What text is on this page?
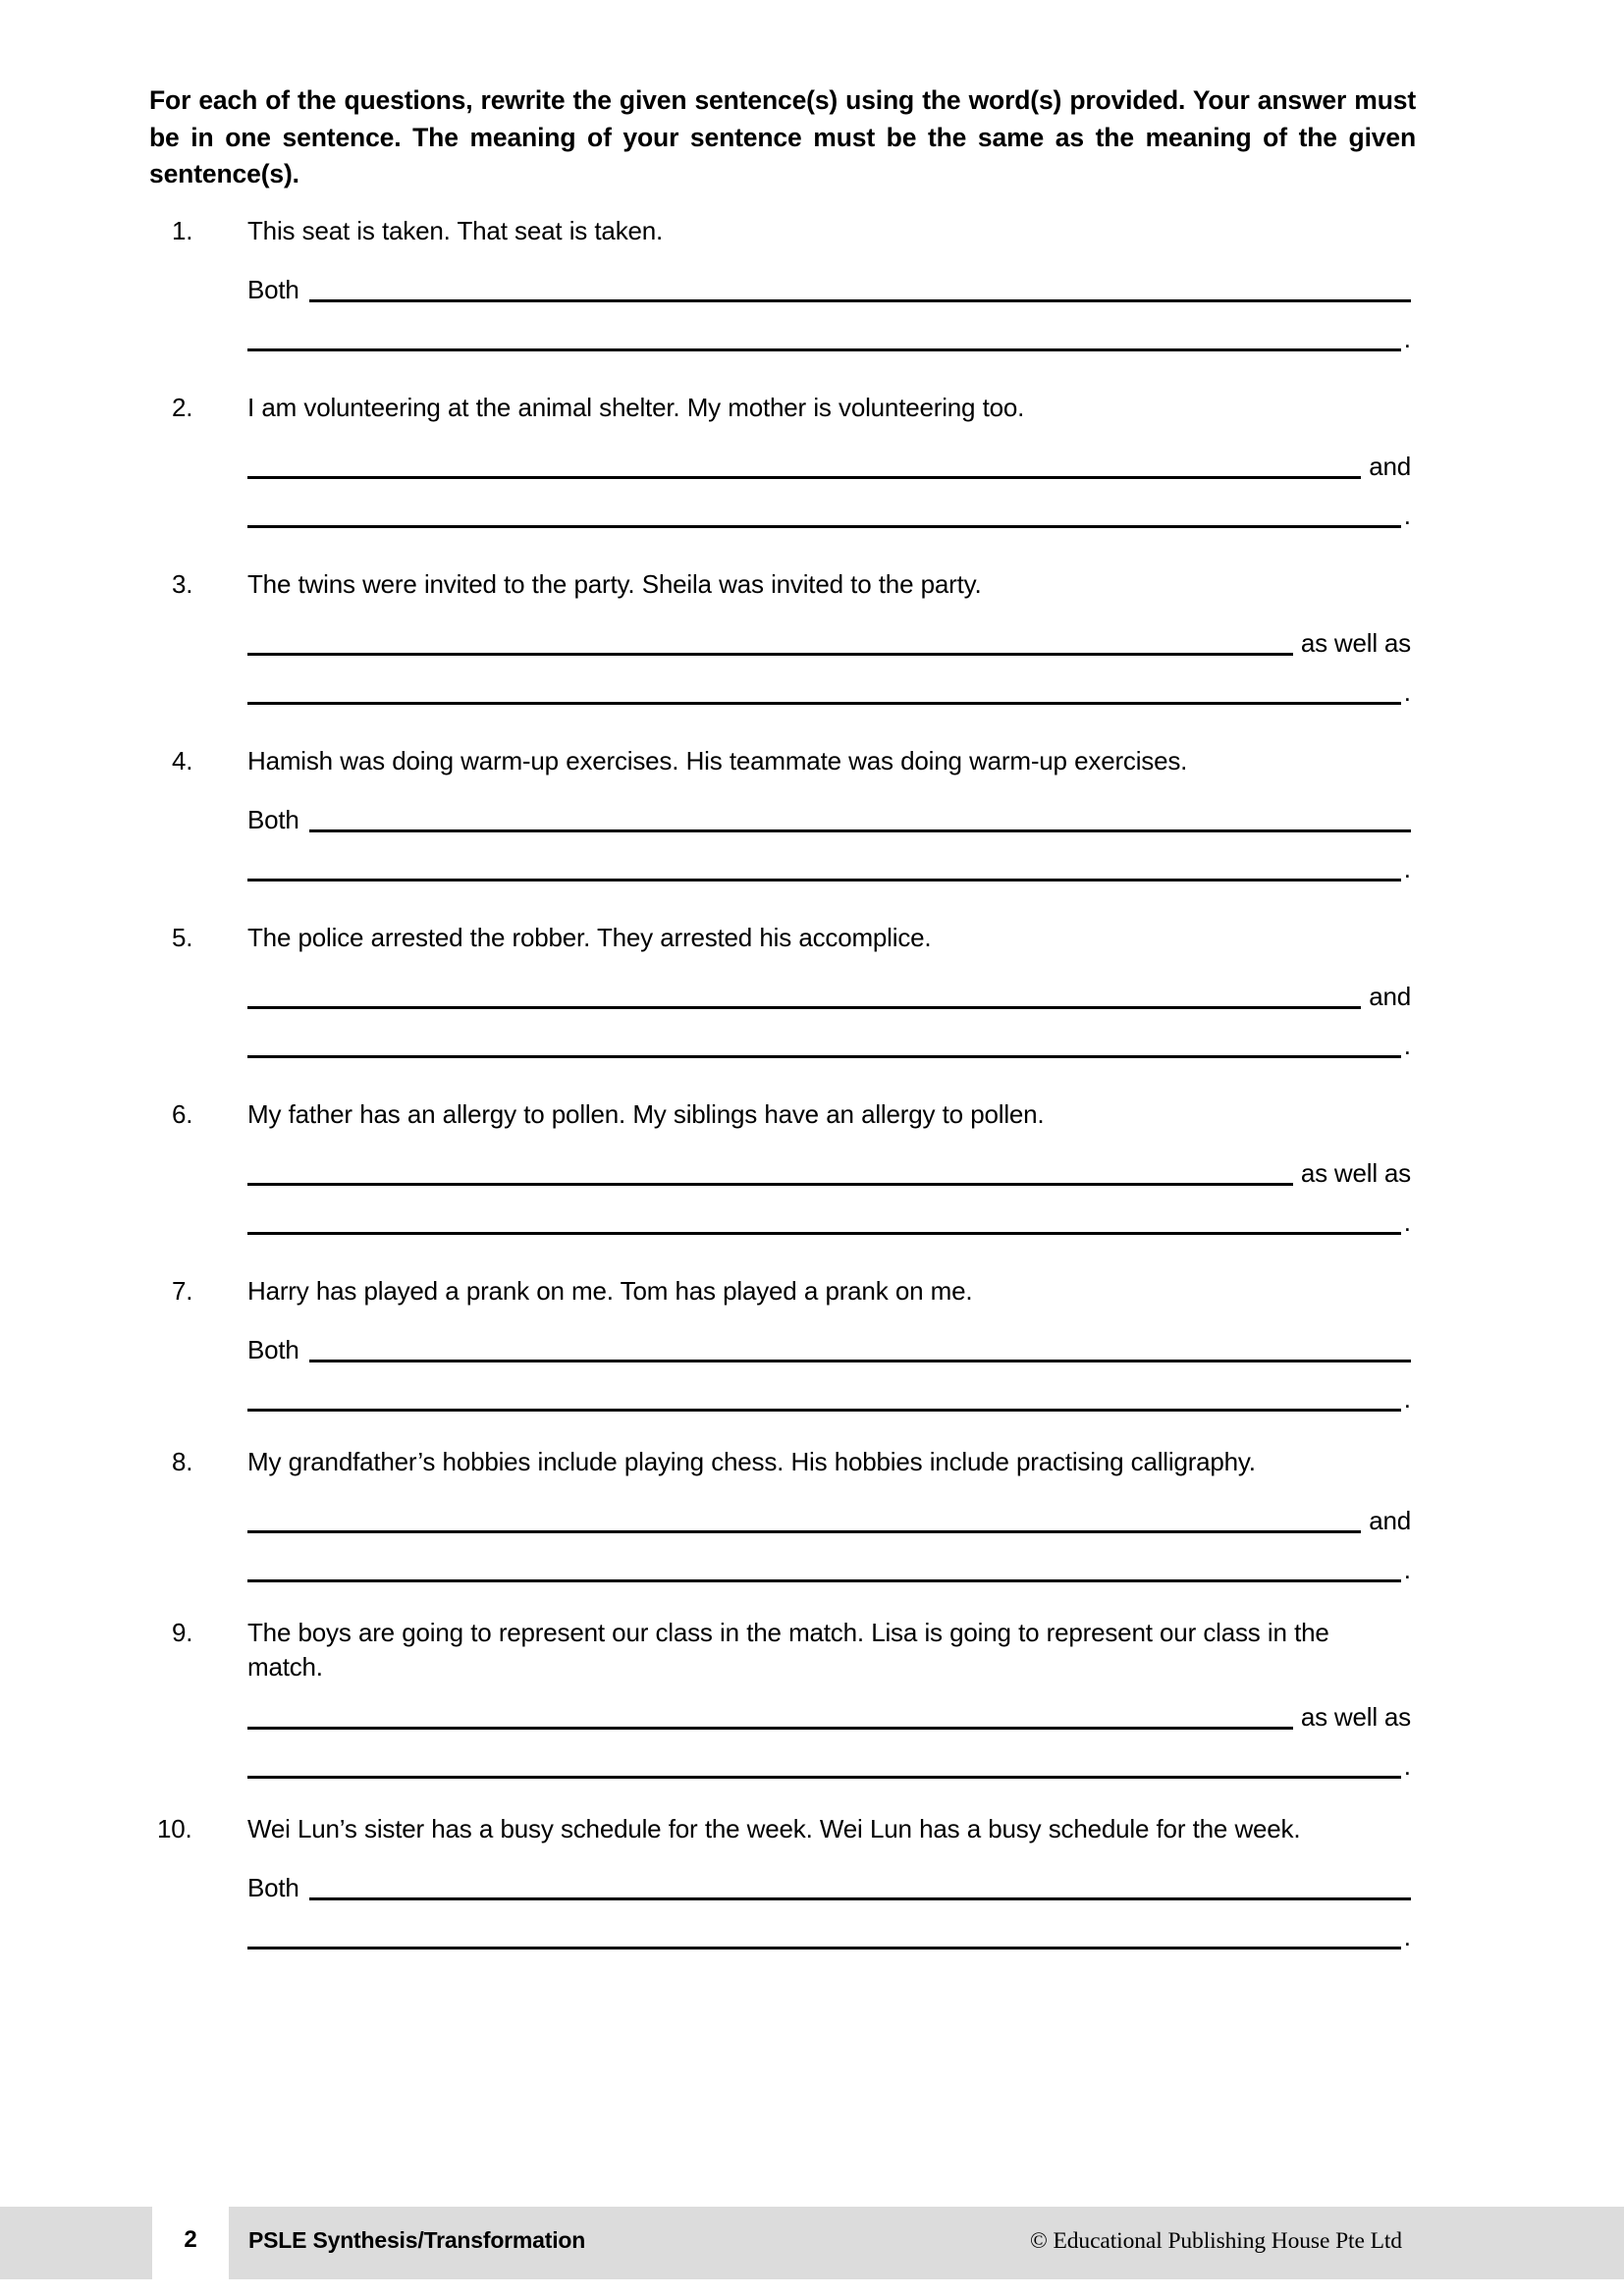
For each of the questions, rewrite the given sentence(s) using the word(s) provided. Your answer must be in one sentence. The meaning of your sentence must be the same as the meaning of the given sentence(s).
1.	This seat is taken. That seat is taken.
Both
.
2.	I am volunteering at the animal shelter. My mother is volunteering too.
and
.
3.	The twins were invited to the party. Sheila was invited to the party.
as well as
.
4.	Hamish was doing warm-up exercises. His teammate was doing warm-up exercises.
Both
.
5.	The police arrested the robber. They arrested his accomplice.
and
.
6.	My father has an allergy to pollen. My siblings have an allergy to pollen.
as well as
.
7.	Harry has played a prank on me. Tom has played a prank on me.
Both
.
8.	My grandfather’s hobbies include playing chess. His hobbies include practising calligraphy.
and
.
9.	The boys are going to represent our class in the match. Lisa is going to represent our class in the match.
as well as
.
10.	Wei Lun’s sister has a busy schedule for the week. Wei Lun has a busy schedule for the week.
Both
.
2	PSLE Synthesis/Transformation	© Educational Publishing House Pte Ltd
